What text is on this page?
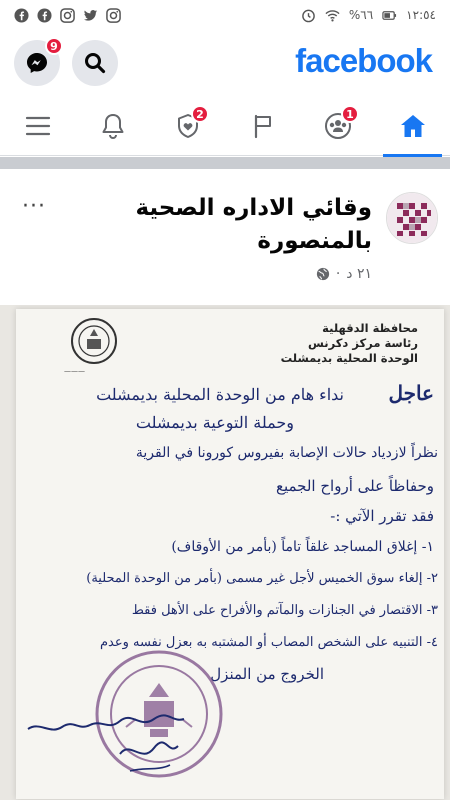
%٦٦	١٢:٥٤
9	facebook
2	1
وقائي الاداره الصحية بالمنصورة
···
٢١ د
·
محافظة الدقهلية
رئاسة مركز دكرنس
الوحدة المحلية بديمشلت
———
عاجل
نداء هام من الوحدة المحلية بديمشلت
وحملة التوعية بديمشلت
نظراً لازدياد حالات الإصابة بفيروس كورونا في القرية
وحفاظاً على أرواح الجميع
فقد تقرر الآتي :-
١- إغلاق المساجد غلقاً تاماً (بأمر من الأوقاف)
٢- إلغاء سوق الخميس لأجل غير مسمى (بأمر من الوحدة المحلية)
٣- الاقتصار في الجنازات والمآتم والأفراح على الأهل فقط
٤- التنبيه على الشخص المصاب أو المشتبه به بعزل نفسه وعدم
الخروج من المنزل
